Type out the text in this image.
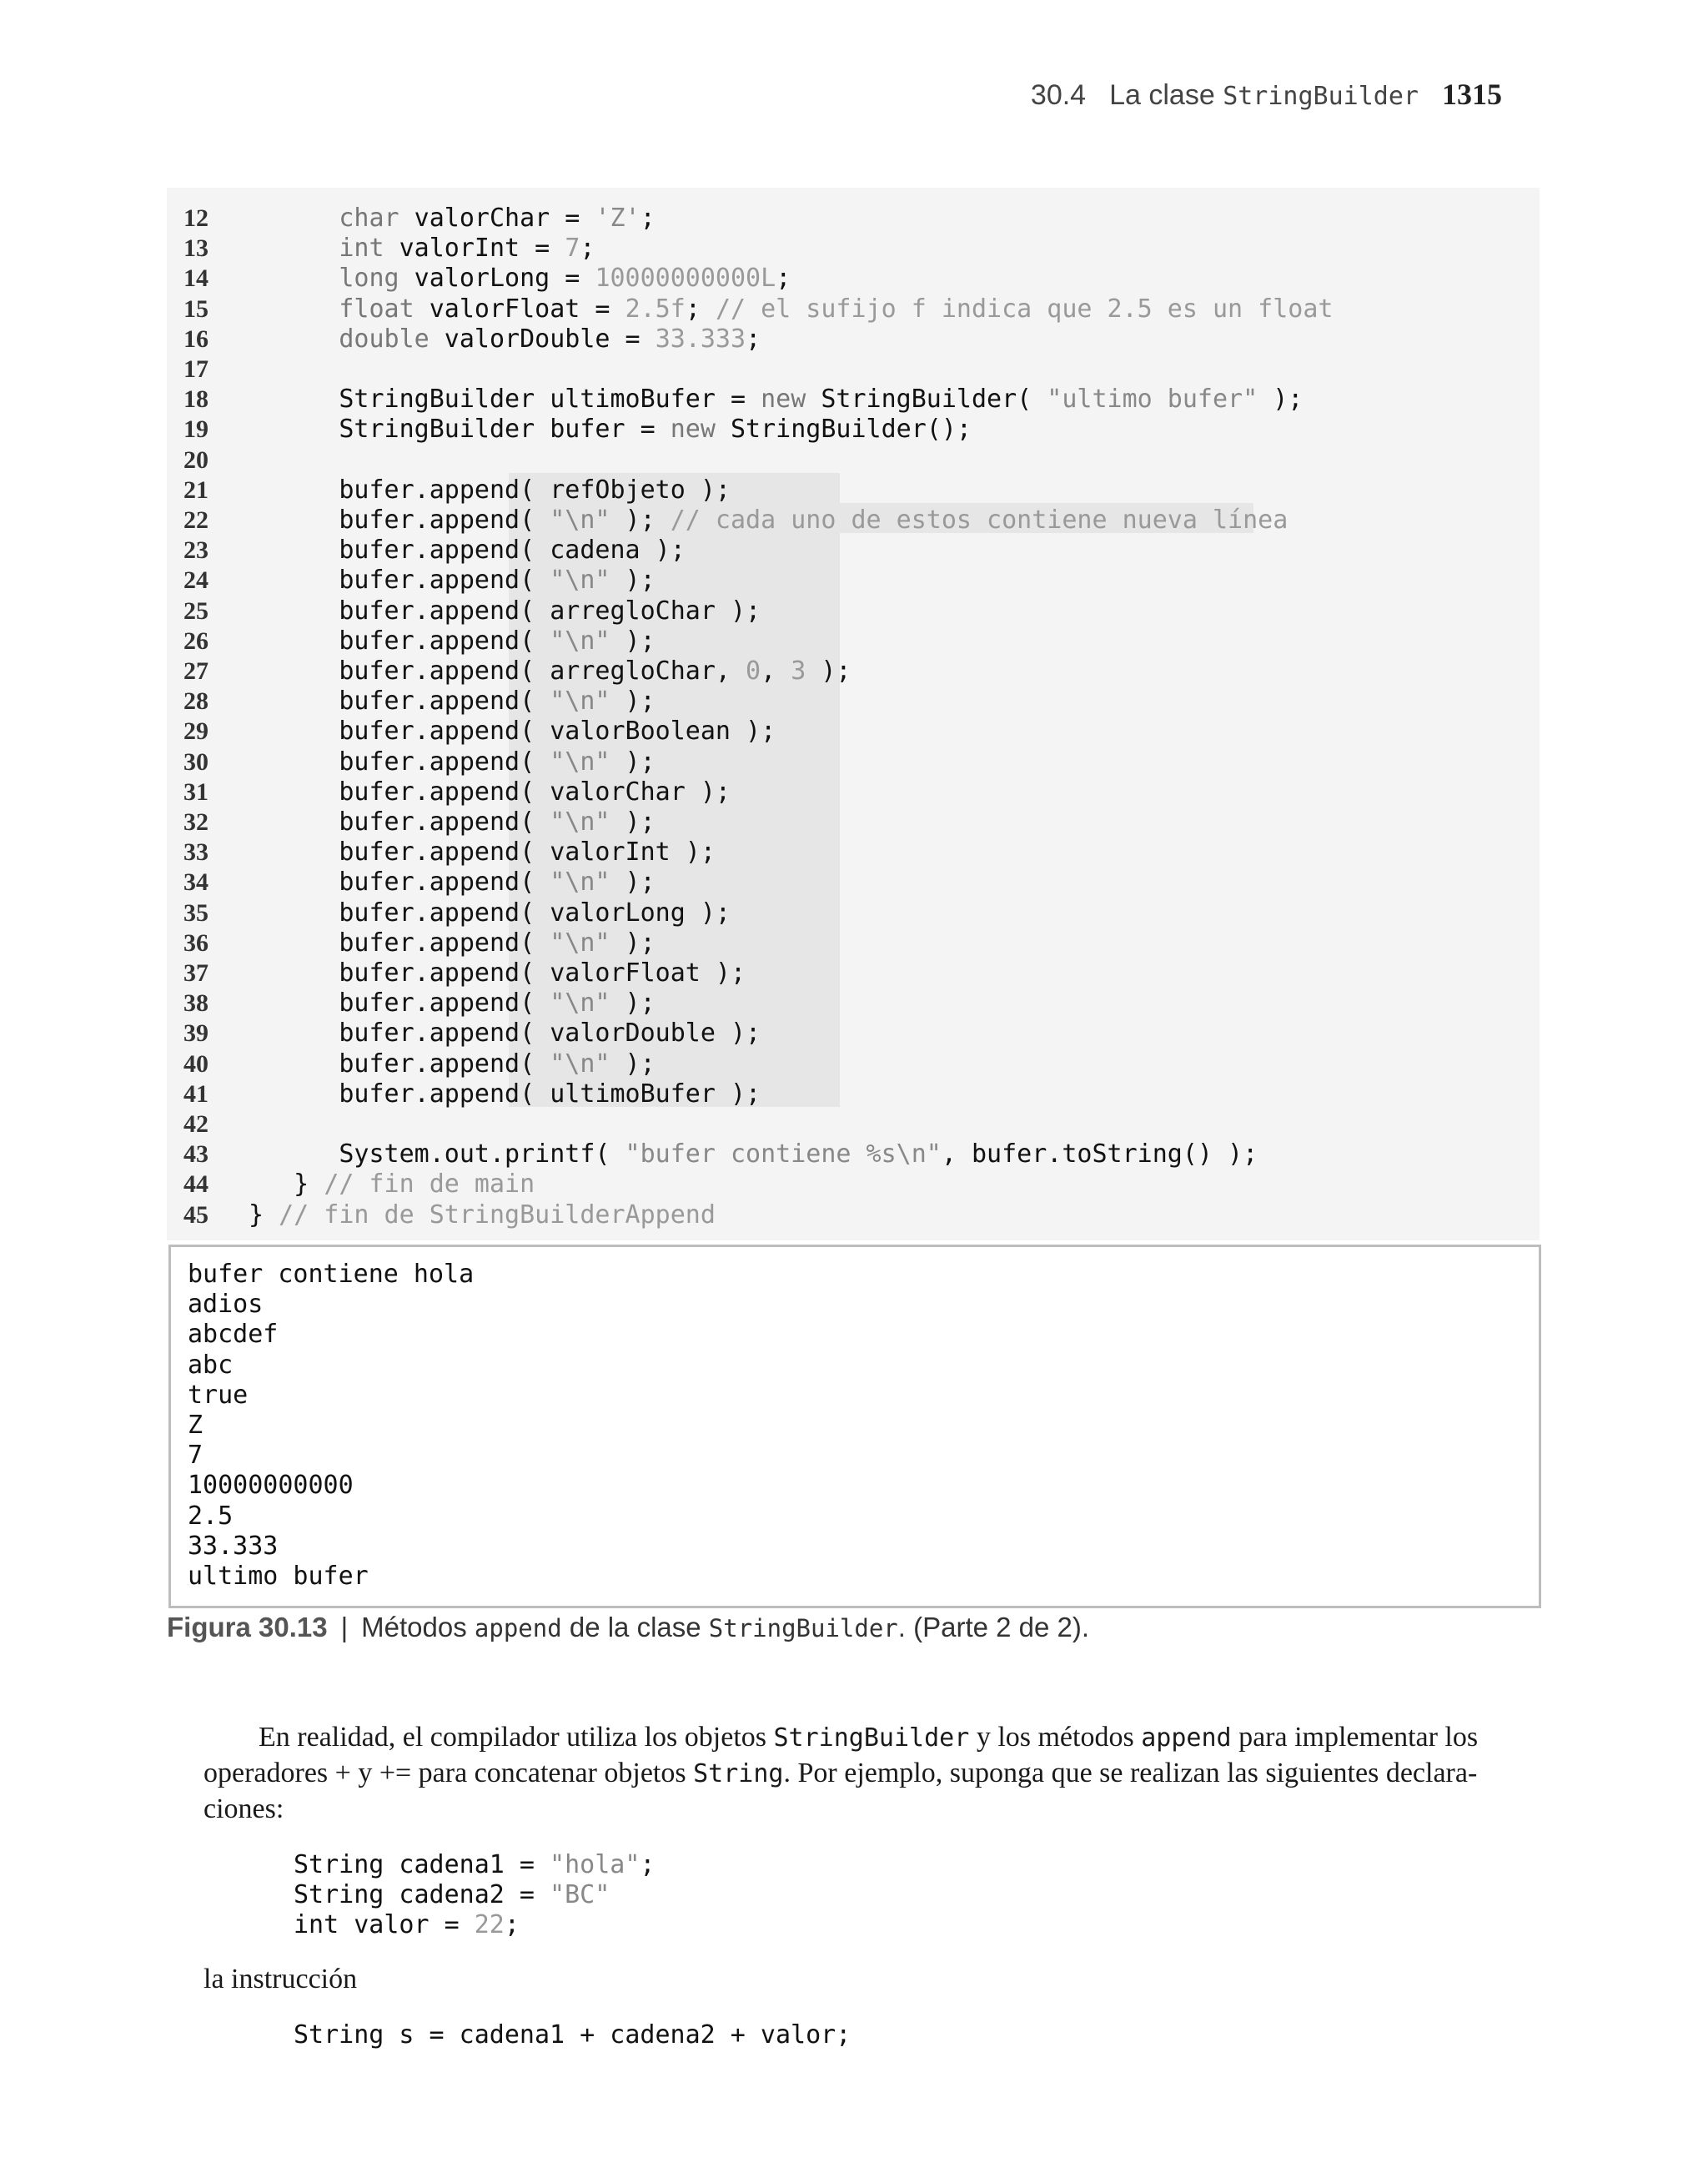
30.4 La clase StringBuilder 1315
12	char valorChar = 'Z';
13	int valorInt = 7;
14	long valorLong = 10000000000L;
15	float valorFloat = 2.5f; // el sufijo f indica que 2.5 es un float
16	double valorDouble = 33.333;
17
18	StringBuilder ultimoBufer = new StringBuilder( "ultimo bufer" );
19	StringBuilder bufer = new StringBuilder();
20
21	bufer.append( refObjeto );
22	bufer.append( "\n" ); // cada uno de estos contiene nueva línea
23	bufer.append( cadena );
24	bufer.append( "\n" );
25	bufer.append( arregloChar );
26	bufer.append( "\n" );
27	bufer.append( arregloChar, 0, 3 );
28	bufer.append( "\n" );
29	bufer.append( valorBoolean );
30	bufer.append( "\n" );
31	bufer.append( valorChar );
32	bufer.append( "\n" );
33	bufer.append( valorInt );
34	bufer.append( "\n" );
35	bufer.append( valorLong );
36	bufer.append( "\n" );
37	bufer.append( valorFloat );
38	bufer.append( "\n" );
39	bufer.append( valorDouble );
40	bufer.append( "\n" );
41	bufer.append( ultimoBufer );
42
43	System.out.printf( "bufer contiene %s\n", bufer.toString() );
44	} // fin de main
45	} // fin de StringBuilderAppend
bufer contiene hola
adios
abcdef
abc
true
Z
7
10000000000
2.5
33.333
ultimo bufer
Figura 30.13 | Métodos append de la clase StringBuilder. (Parte 2 de 2).
En realidad, el compilador utiliza los objetos StringBuilder y los métodos append para implementar los
operadores + y += para concatenar objetos String. Por ejemplo, suponga que se realizan las siguientes declara-
ciones:
String cadena1 = "hola";
String cadena2 = "BC"
int valor = 22;
la instrucción
String s = cadena1 + cadena2 + valor;
